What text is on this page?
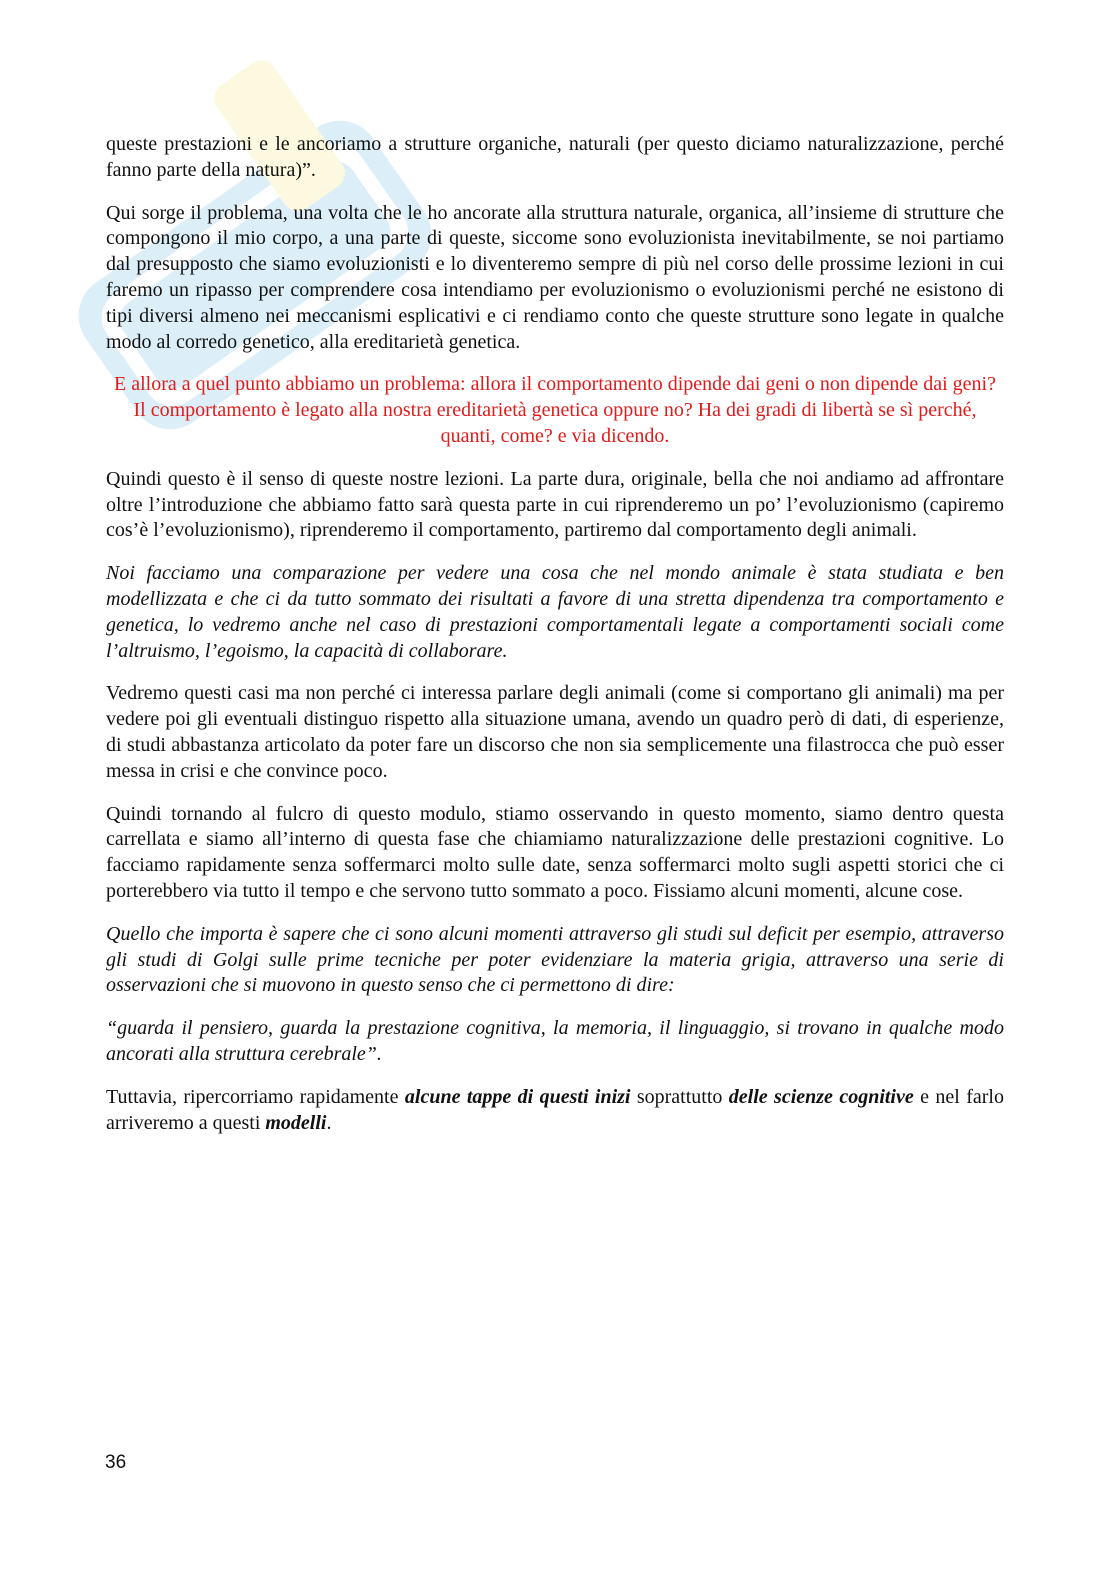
queste prestazioni e le ancoriamo a strutture organiche, naturali (per questo diciamo naturalizzazione, perché fanno parte della natura)”.

Qui sorge il problema, una volta che le ho ancorate alla struttura naturale, organica, all’insieme di strutture che compongono il mio corpo, a una parte di queste, siccome sono evoluzionista inevitabilmente, se noi partiamo dal presupposto che siamo evoluzionisti e lo diventeremo sempre di più nel corso delle prossime lezioni in cui faremo un ripasso per comprendere cosa intendiamo per evoluzionismo o evoluzionismi perché ne esistono di tipi diversi almeno nei meccanismi esplicativi e ci rendiamo conto che queste strutture sono legate in qualche modo al corredo genetico, alla ereditarietà genetica.

E allora a quel punto abbiamo un problema: allora il comportamento dipende dai geni o non dipende dai geni? Il comportamento è legato alla nostra ereditarietà genetica oppure no? Ha dei gradi di libertà se sì perché, quanti, come? e via dicendo.

Quindi questo è il senso di queste nostre lezioni. La parte dura, originale, bella che noi andiamo ad affrontare oltre l’introduzione che abbiamo fatto sarà questa parte in cui riprenderemo un po’ l’evoluzionismo (capiremo cos’è l’evoluzionismo), riprenderemo il comportamento, partiremo dal comportamento degli animali.

Noi facciamo una comparazione per vedere una cosa che nel mondo animale è stata studiata e ben modellizzata e che ci da tutto sommato dei risultati a favore di una stretta dipendenza tra comportamento e genetica, lo vedremo anche nel caso di prestazioni comportamentali legate a comportamenti sociali come l’altruismo, l’egoismo, la capacità di collaborare.

Vedremo questi casi ma non perché ci interessa parlare degli animali (come si comportano gli animali) ma per vedere poi gli eventuali distinguo rispetto alla situazione umana, avendo un quadro però di dati, di esperienze, di studi abbastanza articolato da poter fare un discorso che non sia semplicemente una filastrocca che può esser messa in crisi e che convince poco.

Quindi tornando al fulcro di questo modulo, stiamo osservando in questo momento, siamo dentro questa carrellata e siamo all’interno di questa fase che chiamiamo naturalizzazione delle prestazioni cognitive. Lo facciamo rapidamente senza soffermarci molto sulle date, senza soffermarci molto sugli aspetti storici che ci porterebbero via tutto il tempo e che servono tutto sommato a poco. Fissiamo alcuni momenti, alcune cose.

Quello che importa è sapere che ci sono alcuni momenti attraverso gli studi sul deficit per esempio, attraverso gli studi di Golgi sulle prime tecniche per poter evidenziare la materia grigia, attraverso una serie di osservazioni che si muovono in questo senso che ci permettono di dire:

“guarda il pensiero, guarda la prestazione cognitiva, la memoria, il linguaggio, si trovano in qualche modo ancorati alla struttura cerebrale”.

Tuttavia, ripercorriamo rapidamente alcune tappe di questi inizi soprattutto delle scienze cognitive e nel farlo arriveremo a questi modelli.

36
